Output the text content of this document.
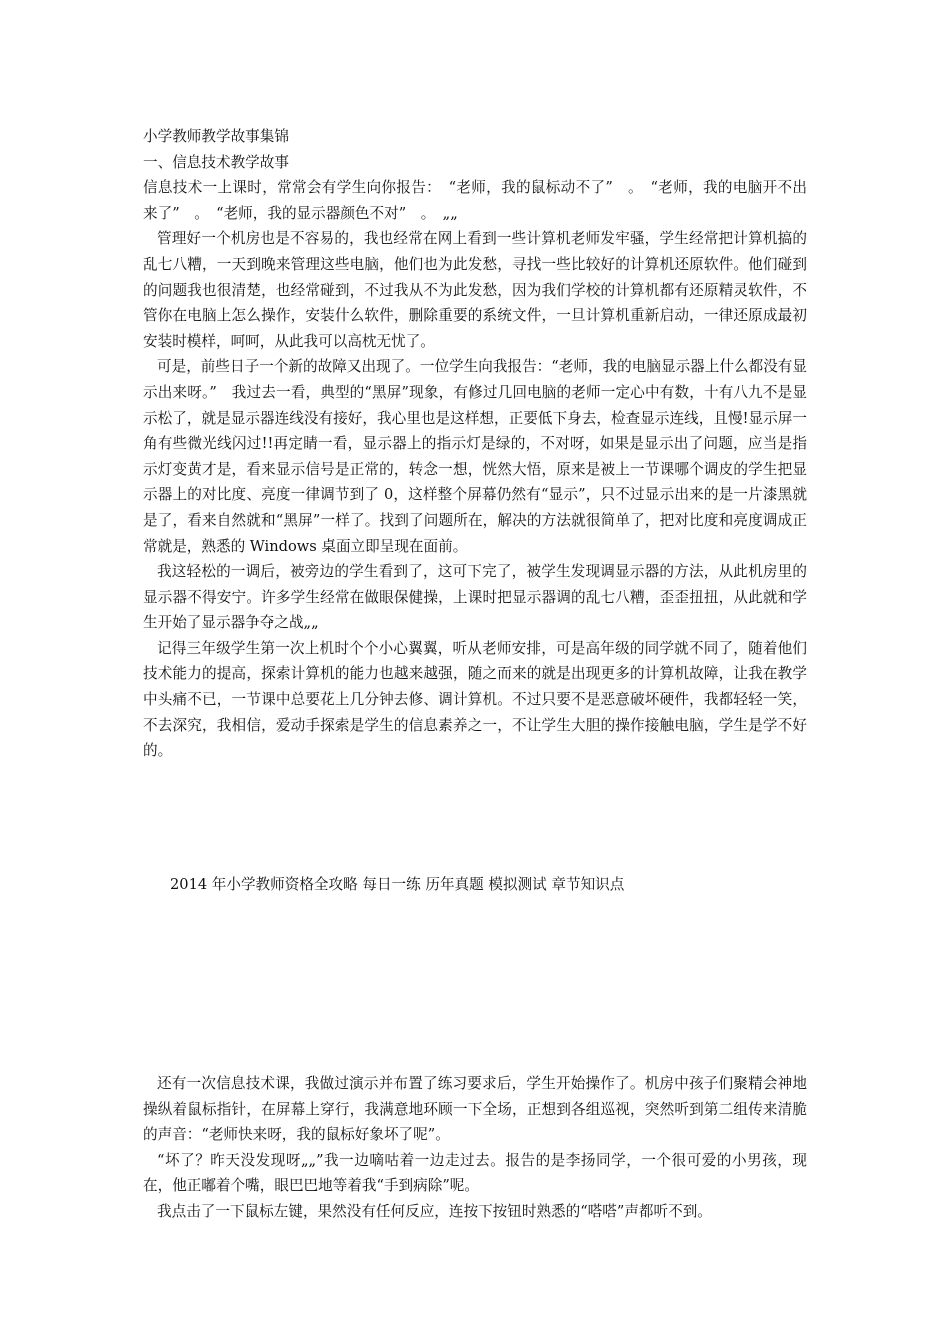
小学教师教学故事集锦

一、信息技术教学故事

信息技术一上课时，常常会有学生向你报告：　“老师，我的鼠标动不了”　。　“老师，我的电脑开不出来了”　。　“老师，我的显示器颜色不对”　。　„„

管理好一个机房也是不容易的，我也经常在网上看到一些计算机老师发牢骚，学生经常把计算机搞的乱七八糟，一天到晚来管理这些电脑，他们也为此发愁，寻找一些比较好的计算机还原软件。他们碰到的问题我也很清楚，也经常碰到，不过我从不为此发愁，因为我们学校的计算机都有还原精灵软件，不管你在电脑上怎么操作，安装什么软件，删除重要的系统文件，一旦计算机重新启动，一律还原成最初安装时模样，呵呵，从此我可以高枕无忧了。

可是，前些日子一个新的故障又出现了。一位学生向我报告：“老师，我的电脑显示器上什么都没有显示出来呀。”　我过去一看，典型的“黑屏”现象，有修过几回电脑的老师一定心中有数，十有八九不是显示松了，就是显示器连线没有接好，我心里也是这样想，正要低下身去，检查显示连线，且慢!显示屏一角有些微光线闪过!!再定睛一看，显示器上的指示灯是绿的，不对呀，如果是显示出了问题，应当是指示灯变黄才是，看来显示信号是正常的，转念一想，恍然大悟，原来是被上一节课哪个调皮的学生把显示器上的对比度、亮度一律调节到了 0，这样整个屏幕仍然有“显示”，只不过显示出来的是一片漆黑就是了，看来自然就和“黑屏”一样了。找到了问题所在，解决的方法就很简单了，把对比度和亮度调成正常就是，熟悉的 Windows 桌面立即呈现在面前。

我这轻松的一调后，被旁边的学生看到了，这可下完了，被学生发现调显示器的方法，从此机房里的显示器不得安宁。许多学生经常在做眼保健操，上课时把显示器调的乱七八糟，歪歪扭扭，从此就和学生开始了显示器争夺之战„„

记得三年级学生第一次上机时个个小心翼翼，听从老师安排，可是高年级的同学就不同了，随着他们技术能力的提高，探索计算机的能力也越来越强，随之而来的就是出现更多的计算机故障，让我在教学中头痛不已，一节课中总要花上几分钟去修、调计算机。不过只要不是恶意破坏硬件，我都轻轻一笑，不去深究，我相信，爱动手探索是学生的信息素养之一，不让学生大胆的操作接触电脑，学生是学不好的。

2014 年小学教师资格全攻略 每日一练 历年真题 模拟测试 章节知识点

还有一次信息技术课，我做过演示并布置了练习要求后，学生开始操作了。机房中孩子们聚精会神地操纵着鼠标指针，在屏幕上穿行，我满意地环顾一下全场，正想到各组巡视，突然听到第二组传来清脆的声音：“老师快来呀，我的鼠标好象坏了呢”。

“坏了？昨天没发现呀„„”我一边嘀咕着一边走过去。报告的是李扬同学，一个很可爱的小男孩，现在，他正嘟着个嘴，眼巴巴地等着我“手到病除”呢。

我点击了一下鼠标左键，果然没有任何反应，连按下按钮时熟悉的“嗒嗒”声都听不到。
